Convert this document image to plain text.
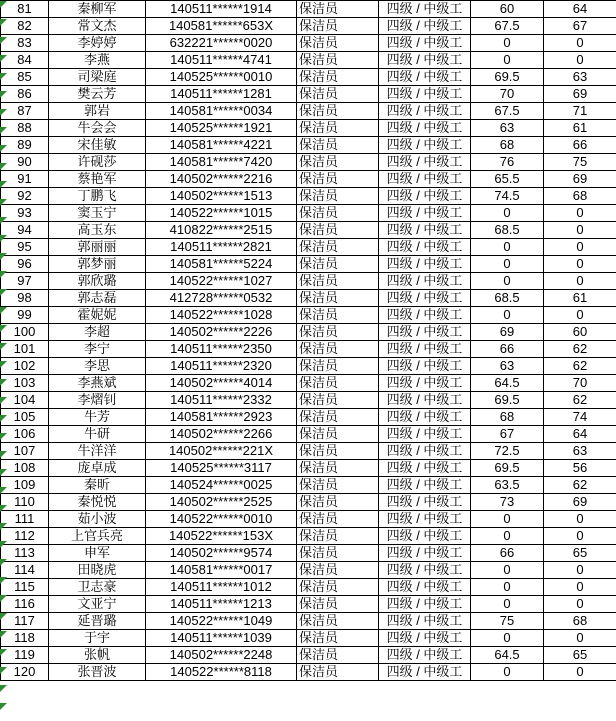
81	秦柳军	140511******1914	保洁员	四级 / 中级工	60	64
82	常文杰	140581******653X	保洁员	四级 / 中级工	67.5	67
83	李婷婷	632221******0020	保洁员	四级 / 中级工	0	0
84	李燕	140511******4741	保洁员	四级 / 中级工	0	0
85	司梁庭	140525******0010	保洁员	四级 / 中级工	69.5	63
86	樊云芳	140511******1281	保洁员	四级 / 中级工	70	69
87	郭岩	140581******0034	保洁员	四级 / 中级工	67.5	71
88	牛会会	140525******1921	保洁员	四级 / 中级工	63	61
89	宋佳敏	140581******4221	保洁员	四级 / 中级工	68	66
90	许砚莎	140581******7420	保洁员	四级 / 中级工	76	75
91	蔡艳军	140502******2216	保洁员	四级 / 中级工	65.5	69
92	丁鹏飞	140502******1513	保洁员	四级 / 中级工	74.5	68
93	窦玉宁	140522******1015	保洁员	四级 / 中级工	0	0
94	高玉东	410822******2515	保洁员	四级 / 中级工	68.5	0
95	郭丽丽	140511******2821	保洁员	四级 / 中级工	0	0
96	郭梦丽	140581******5224	保洁员	四级 / 中级工	0	0
97	郭欣璐	140522******1027	保洁员	四级 / 中级工	0	0
98	郭志磊	412728******0532	保洁员	四级 / 中级工	68.5	61
99	霍妮妮	140522******1028	保洁员	四级 / 中级工	0	0
100	李超	140502******2226	保洁员	四级 / 中级工	69	60
101	李宁	140511******2350	保洁员	四级 / 中级工	66	62
102	李思	140511******2320	保洁员	四级 / 中级工	63	62
103	李燕斌	140502******4014	保洁员	四级 / 中级工	64.5	70
104	李熠钊	140511******2332	保洁员	四级 / 中级工	69.5	62
105	牛芳	140581******2923	保洁员	四级 / 中级工	68	74
106	牛研	140502******2266	保洁员	四级 / 中级工	67	64
107	牛洋洋	140502******221X	保洁员	四级 / 中级工	72.5	63
108	庞卓成	140525******3117	保洁员	四级 / 中级工	69.5	56
109	秦昕	140524******0025	保洁员	四级 / 中级工	63.5	62
110	秦悦悦	140502******2525	保洁员	四级 / 中级工	73	69
111	茹小波	140522******0010	保洁员	四级 / 中级工	0	0
112	上官兵亮	140522******153X	保洁员	四级 / 中级工	0	0
113	申军	140502******9574	保洁员	四级 / 中级工	66	65
114	田晓虎	140581******0017	保洁员	四级 / 中级工	0	0
115	卫志豪	140511******1012	保洁员	四级 / 中级工	0	0
116	文亚宁	140511******1213	保洁员	四级 / 中级工	0	0
117	延晋璐	140522******1049	保洁员	四级 / 中级工	75	68
118	于宇	140511******1039	保洁员	四级 / 中级工	0	0
119	张帆	140502******2248	保洁员	四级 / 中级工	64.5	65
120	张晋波	140522******8118	保洁员	四级 / 中级工	0	0
